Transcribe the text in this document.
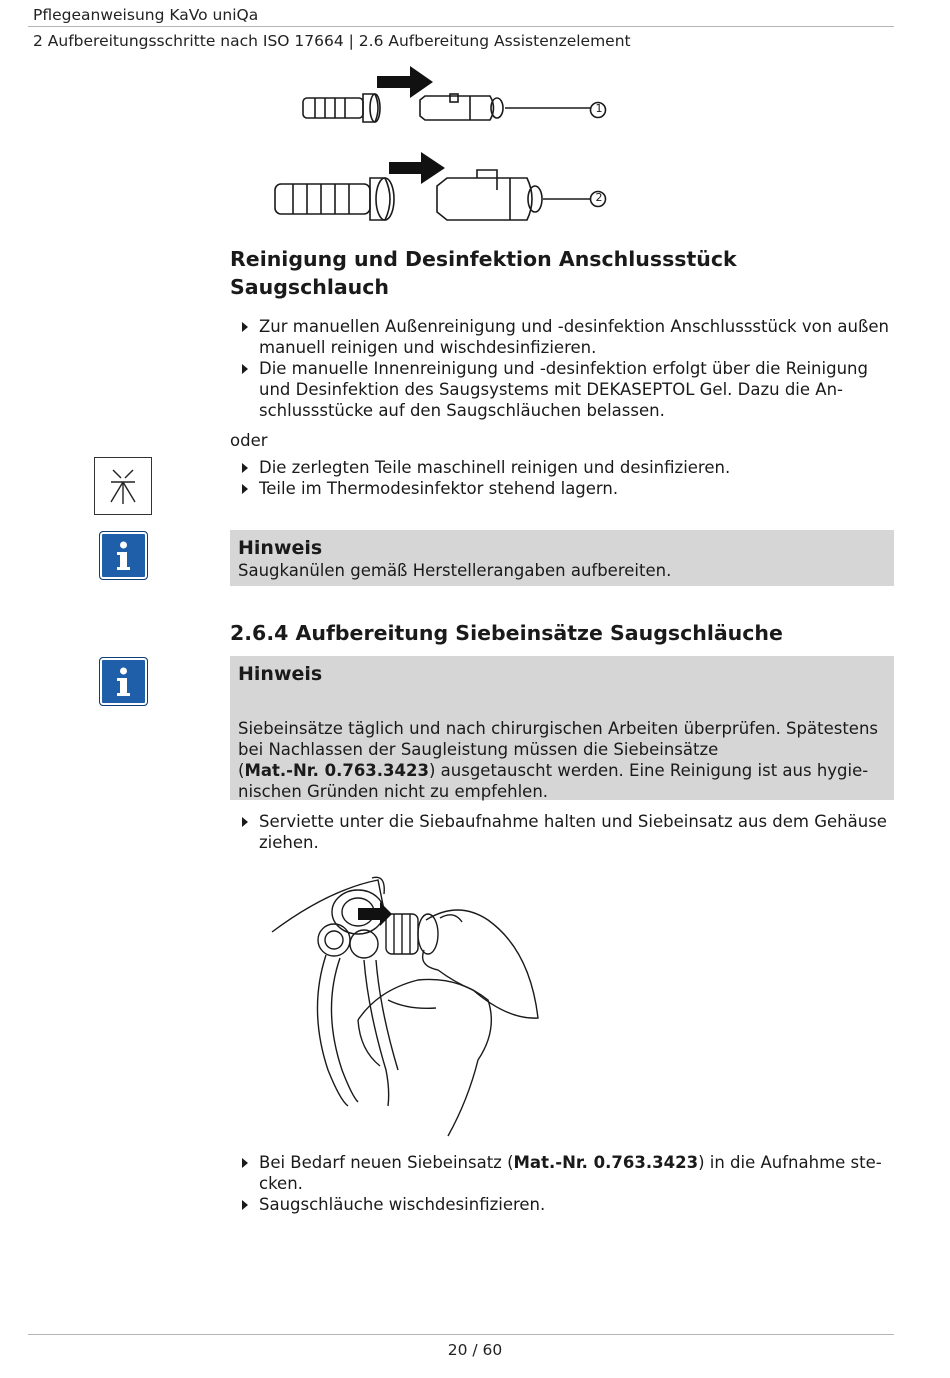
Pflegeanweisung KaVo uniQa
2 Aufbereitungsschritte nach ISO 17664 | 2.6 Aufbereitung Assistenzelement
1
2
Reinigung und Desinfektion Anschlussstück
Saugschlauch
Zur manuellen Außenreinigung und -desinfektion Anschlussstück von außen
manuell reinigen und wischdesinfizieren.
Die manuelle Innenreinigung und -desinfektion erfolgt über die Reinigung
und Desinfektion des Saugsystems mit DEKASEPTOL Gel. Dazu die An-
schlussstücke auf den Saugschläuchen belassen.
oder
Die zerlegten Teile maschinell reinigen und desinfizieren.
Teile im Thermodesinfektor stehend lagern.
Hinweis
Saugkanülen gemäß Herstellerangaben aufbereiten.
2.6.4 Aufbereitung Siebeinsätze Saugschläuche
Hinweis
Siebeinsätze täglich und nach chirurgischen Arbeiten überprüfen. Spätestens
bei Nachlassen der Saugleistung müssen die Siebeinsätze
(Mat.-Nr. 0.763.3423) ausgetauscht werden. Eine Reinigung ist aus hygie-
nischen Gründen nicht zu empfehlen.
Serviette unter die Siebaufnahme halten und Siebeinsatz aus dem Gehäuse
ziehen.
Bei Bedarf neuen Siebeinsatz (Mat.-Nr. 0.763.3423) in die Aufnahme ste-
cken.
Saugschläuche wischdesinfizieren.
20 / 60
